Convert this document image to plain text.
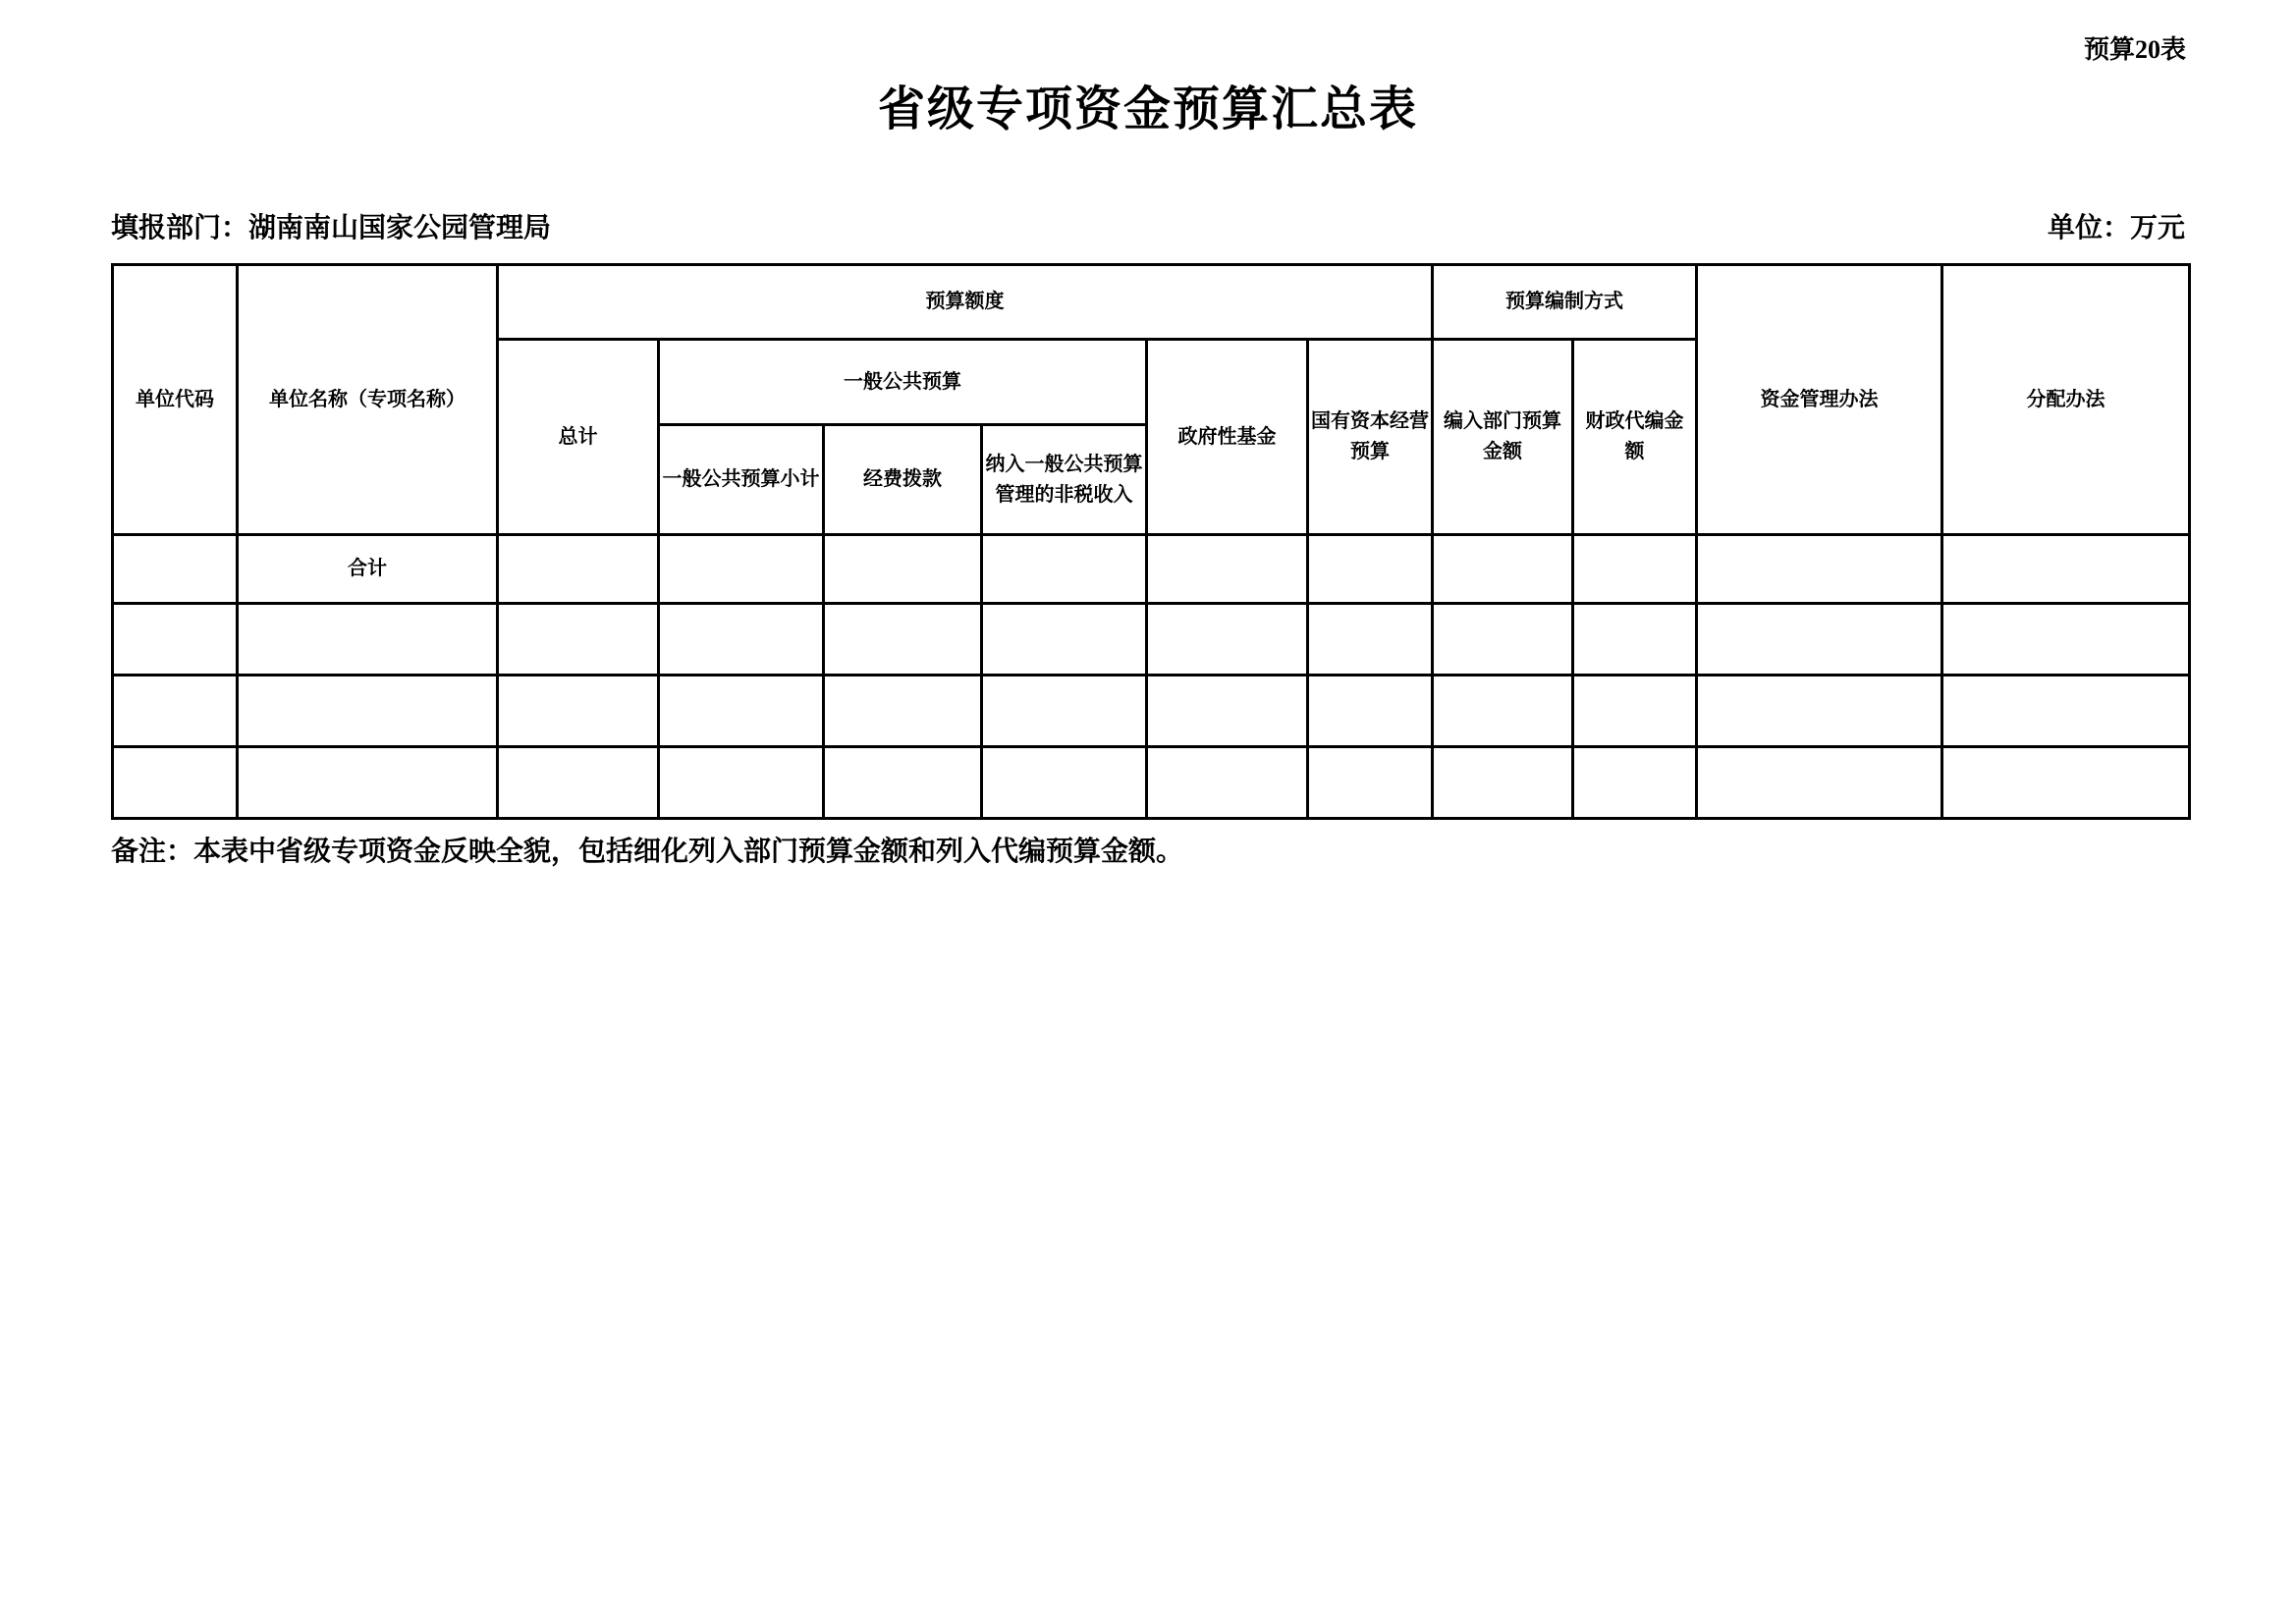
预算20表
省级专项资金预算汇总表
填报部门：湖南南山国家公园管理局	单位：万元
单位代码	单位名称（专项名称）	预算额度						预算编制方式		资金管理办法	分配办法
		总计	一般公共预算			政府性基金	国有资本经营预算	编入部门预算金额	财政代编金额		
			一般公共预算小计	经费拨款	纳入一般公共预算管理的非税收入						
	合计										

备注：本表中省级专项资金反映全貌，包括细化列入部门预算金额和列入代编预算金额。
